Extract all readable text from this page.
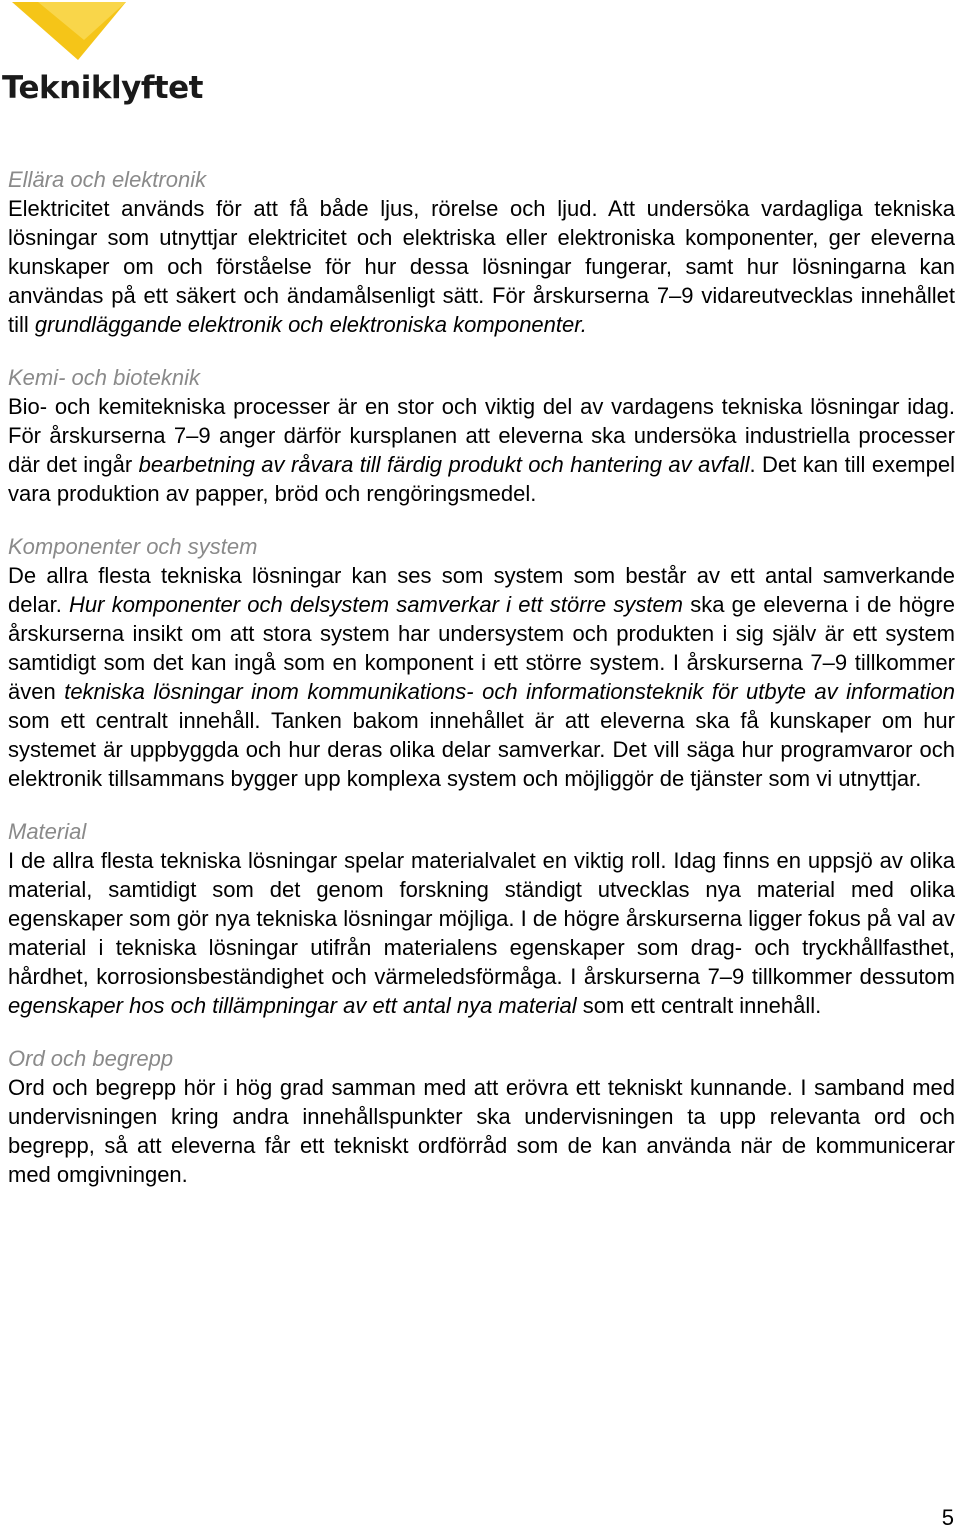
Tekniklyftet

Ellära och elektronik

Elektricitet används för att få både ljus, rörelse och ljud. Att undersöka vardagliga tekniska lösningar som utnyttjar elektricitet och elektriska eller elektroniska komponenter, ger eleverna kunskaper om och förståelse för hur dessa lösningar fungerar, samt hur lösningarna kan användas på ett säkert och ändamålsenligt sätt. För årskurserna 7–9 vidareutvecklas innehållet till grundläggande elektronik och elektroniska komponenter.

Kemi- och bioteknik

Bio- och kemitekniska processer är en stor och viktig del av vardagens tekniska lösningar idag. För årskurserna 7–9 anger därför kursplanen att eleverna ska undersöka industriella processer där det ingår bearbetning av råvara till färdig produkt och hantering av avfall. Det kan till exempel vara produktion av papper, bröd och rengöringsmedel.

Komponenter och system

De allra flesta tekniska lösningar kan ses som system som består av ett antal samverkande delar. Hur komponenter och delsystem samverkar i ett större system ska ge eleverna i de högre årskurserna insikt om att stora system har undersystem och produkten i sig själv är ett system samtidigt som det kan ingå som en komponent i ett större system. I årskurserna 7–9 tillkommer även tekniska lösningar inom kommunikations- och informationsteknik för utbyte av information som ett centralt innehåll. Tanken bakom innehållet är att eleverna ska få kunskaper om hur systemet är uppbyggda och hur deras olika delar samverkar. Det vill säga hur programvaror och elektronik tillsammans bygger upp komplexa system och möjliggör de tjänster som vi utnyttjar.

Material

I de allra flesta tekniska lösningar spelar materialvalet en viktig roll. Idag finns en uppsjö av olika material, samtidigt som det genom forskning ständigt utvecklas nya material med olika egenskaper som gör nya tekniska lösningar möjliga. I de högre årskurserna ligger fokus på val av material i tekniska lösningar utifrån materialens egenskaper som drag- och tryckhållfasthet, hårdhet, korrosionsbeständighet och värmeledsförmåga. I årskurserna 7–9 tillkommer dessutom egenskaper hos och tillämpningar av ett antal nya material som ett centralt innehåll.

Ord och begrepp

Ord och begrepp hör i hög grad samman med att erövra ett tekniskt kunnande. I samband med undervisningen kring andra innehållspunkter ska undervisningen ta upp relevanta ord och begrepp, så att eleverna får ett tekniskt ordförråd som de kan använda när de kommunicerar med omgivningen.

5
